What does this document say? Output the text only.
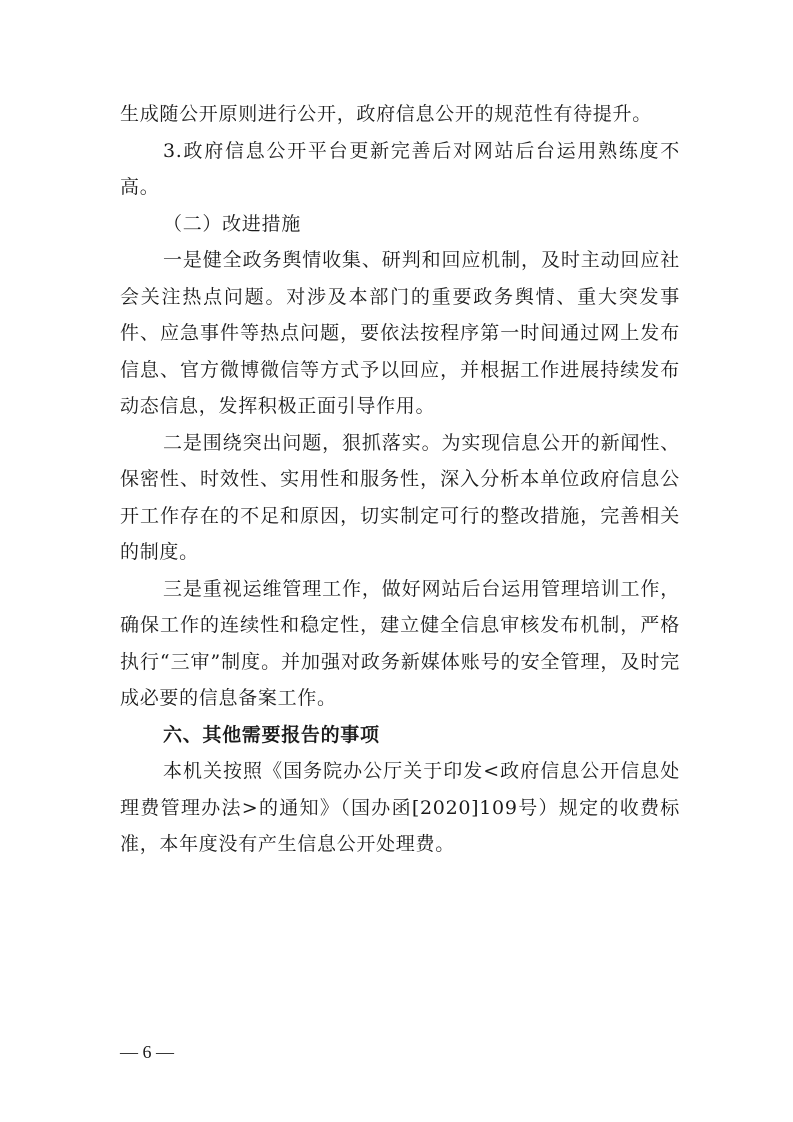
生成随公开原则进行公开，政府信息公开的规范性有待提升。

3.政府信息公开平台更新完善后对网站后台运用熟练度不高。

（二）改进措施

一是健全政务舆情收集、研判和回应机制，及时主动回应社会关注热点问题。对涉及本部门的重要政务舆情、重大突发事件、应急事件等热点问题，要依法按程序第一时间通过网上发布信息、官方微博微信等方式予以回应，并根据工作进展持续发布动态信息，发挥积极正面引导作用。

二是围绕突出问题，狠抓落实。为实现信息公开的新闻性、保密性、时效性、实用性和服务性，深入分析本单位政府信息公开工作存在的不足和原因，切实制定可行的整改措施，完善相关的制度。

三是重视运维管理工作，做好网站后台运用管理培训工作，确保工作的连续性和稳定性，建立健全信息审核发布机制，严格执行“三审”制度。并加强对政务新媒体账号的安全管理，及时完成必要的信息备案工作。

六、其他需要报告的事项

本机关按照《国务院办公厅关于印发<政府信息公开信息处理费管理办法>的通知》（国办函[2020]109号）规定的收费标准，本年度没有产生信息公开处理费。

— 6 —
